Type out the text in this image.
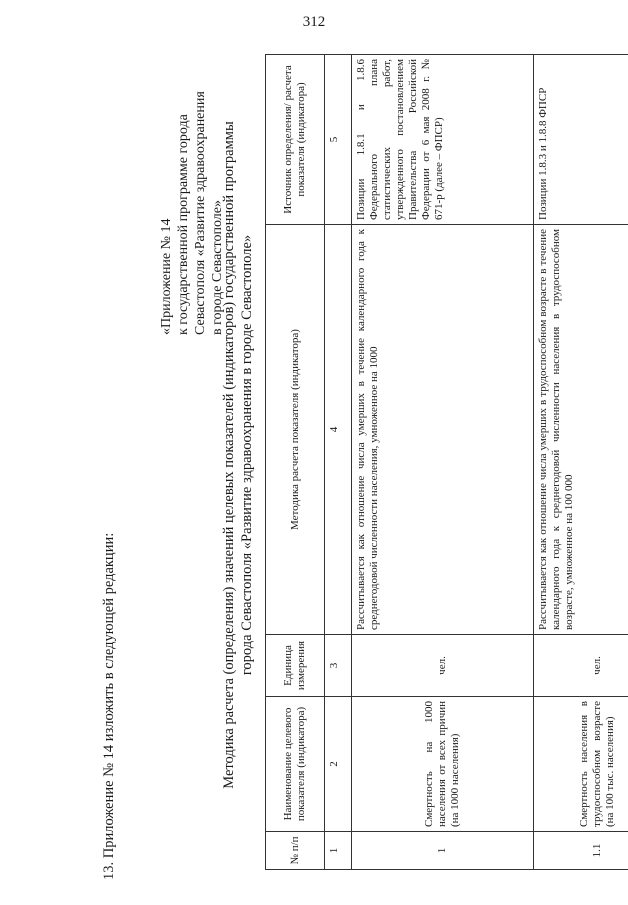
312
13. Приложение № 14 изложить в следующей редакции:
«Приложение № 14 к государственной программе города Севастополя «Развитие здравоохранения в городе Севастополе»
Методика расчета (определения) значений целевых показателей (индикаторов) государственной программы города Севастополя «Развитие здравоохранения в городе Севастополе»
№ п/п	Наименование целевого показателя (индикатора)	Единица измерения	Методика расчета показателя (индикатора)	Источник определения/ расчета показателя (индикатора)
1	2	3	4	5
1	Смертность на 1000 населения от всех причин (на 1000 населения)	чел.	Рассчитывается как отношение числа умерших в течение календарного года к среднегодовой численности населения, умноженное на 1000	Позиции 1.8.1 и 1.8.6 Федерального плана статистических работ, утвержденного постановлением Правительства Российской Федерации от 6 мая 2008 г. № 671-р (далее – ФПСР)
1.1	Смертность населения в трудоспособном возрасте (на 100 тыс. населения)	чел.	Рассчитывается как отношение числа умерших в трудоспособном возрасте в течение календарного года к среднегодовой численности населения в трудоспособном возрасте, умноженное на 100 000	Позиции 1.8.3 и 1.8.8 ФПСР
